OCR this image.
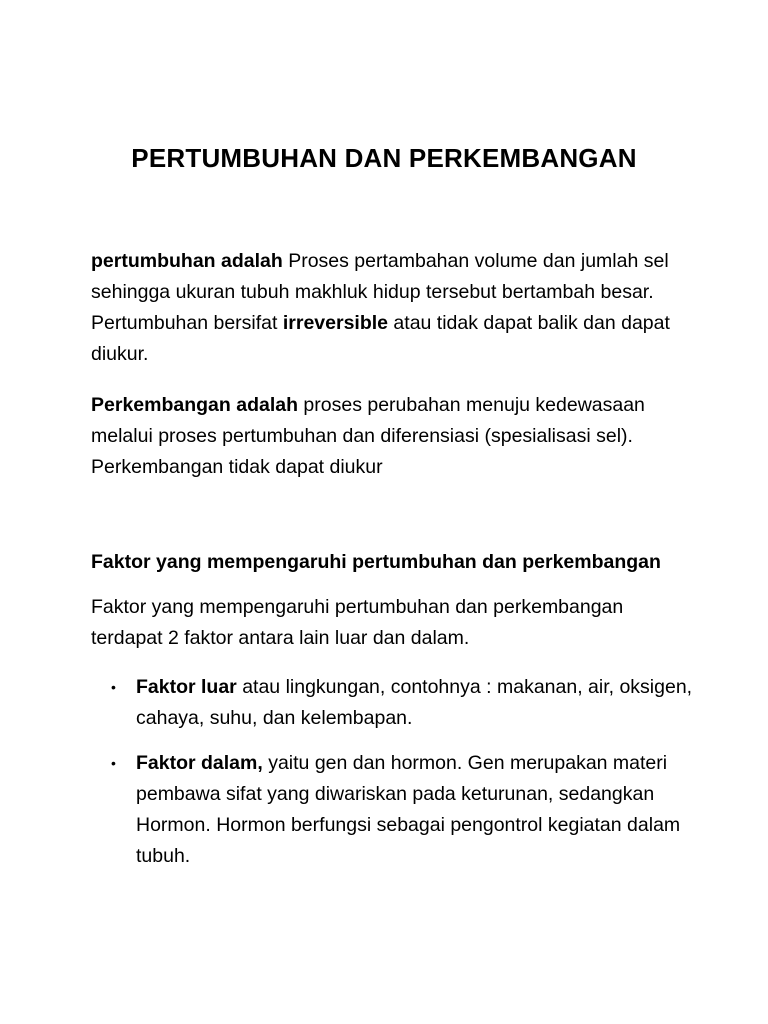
PERTUMBUHAN DAN PERKEMBANGAN

pertumbuhan adalah Proses pertambahan volume dan jumlah sel sehingga ukuran tubuh makhluk hidup tersebut bertambah besar. Pertumbuhan bersifat irreversible atau tidak dapat balik dan dapat diukur.

Perkembangan adalah proses perubahan menuju kedewasaan melalui proses pertumbuhan dan diferensiasi (spesialisasi sel). Perkembangan tidak dapat diukur

Faktor yang mempengaruhi pertumbuhan dan perkembangan

Faktor yang mempengaruhi pertumbuhan dan perkembangan terdapat 2 faktor antara lain luar dan dalam.

• Faktor luar atau lingkungan, contohnya : makanan, air, oksigen, cahaya, suhu, dan kelembapan.

• Faktor dalam, yaitu gen dan hormon. Gen merupakan materi pembawa sifat yang diwariskan pada keturunan, sedangkan Hormon. Hormon berfungsi sebagai pengontrol kegiatan dalam tubuh.
